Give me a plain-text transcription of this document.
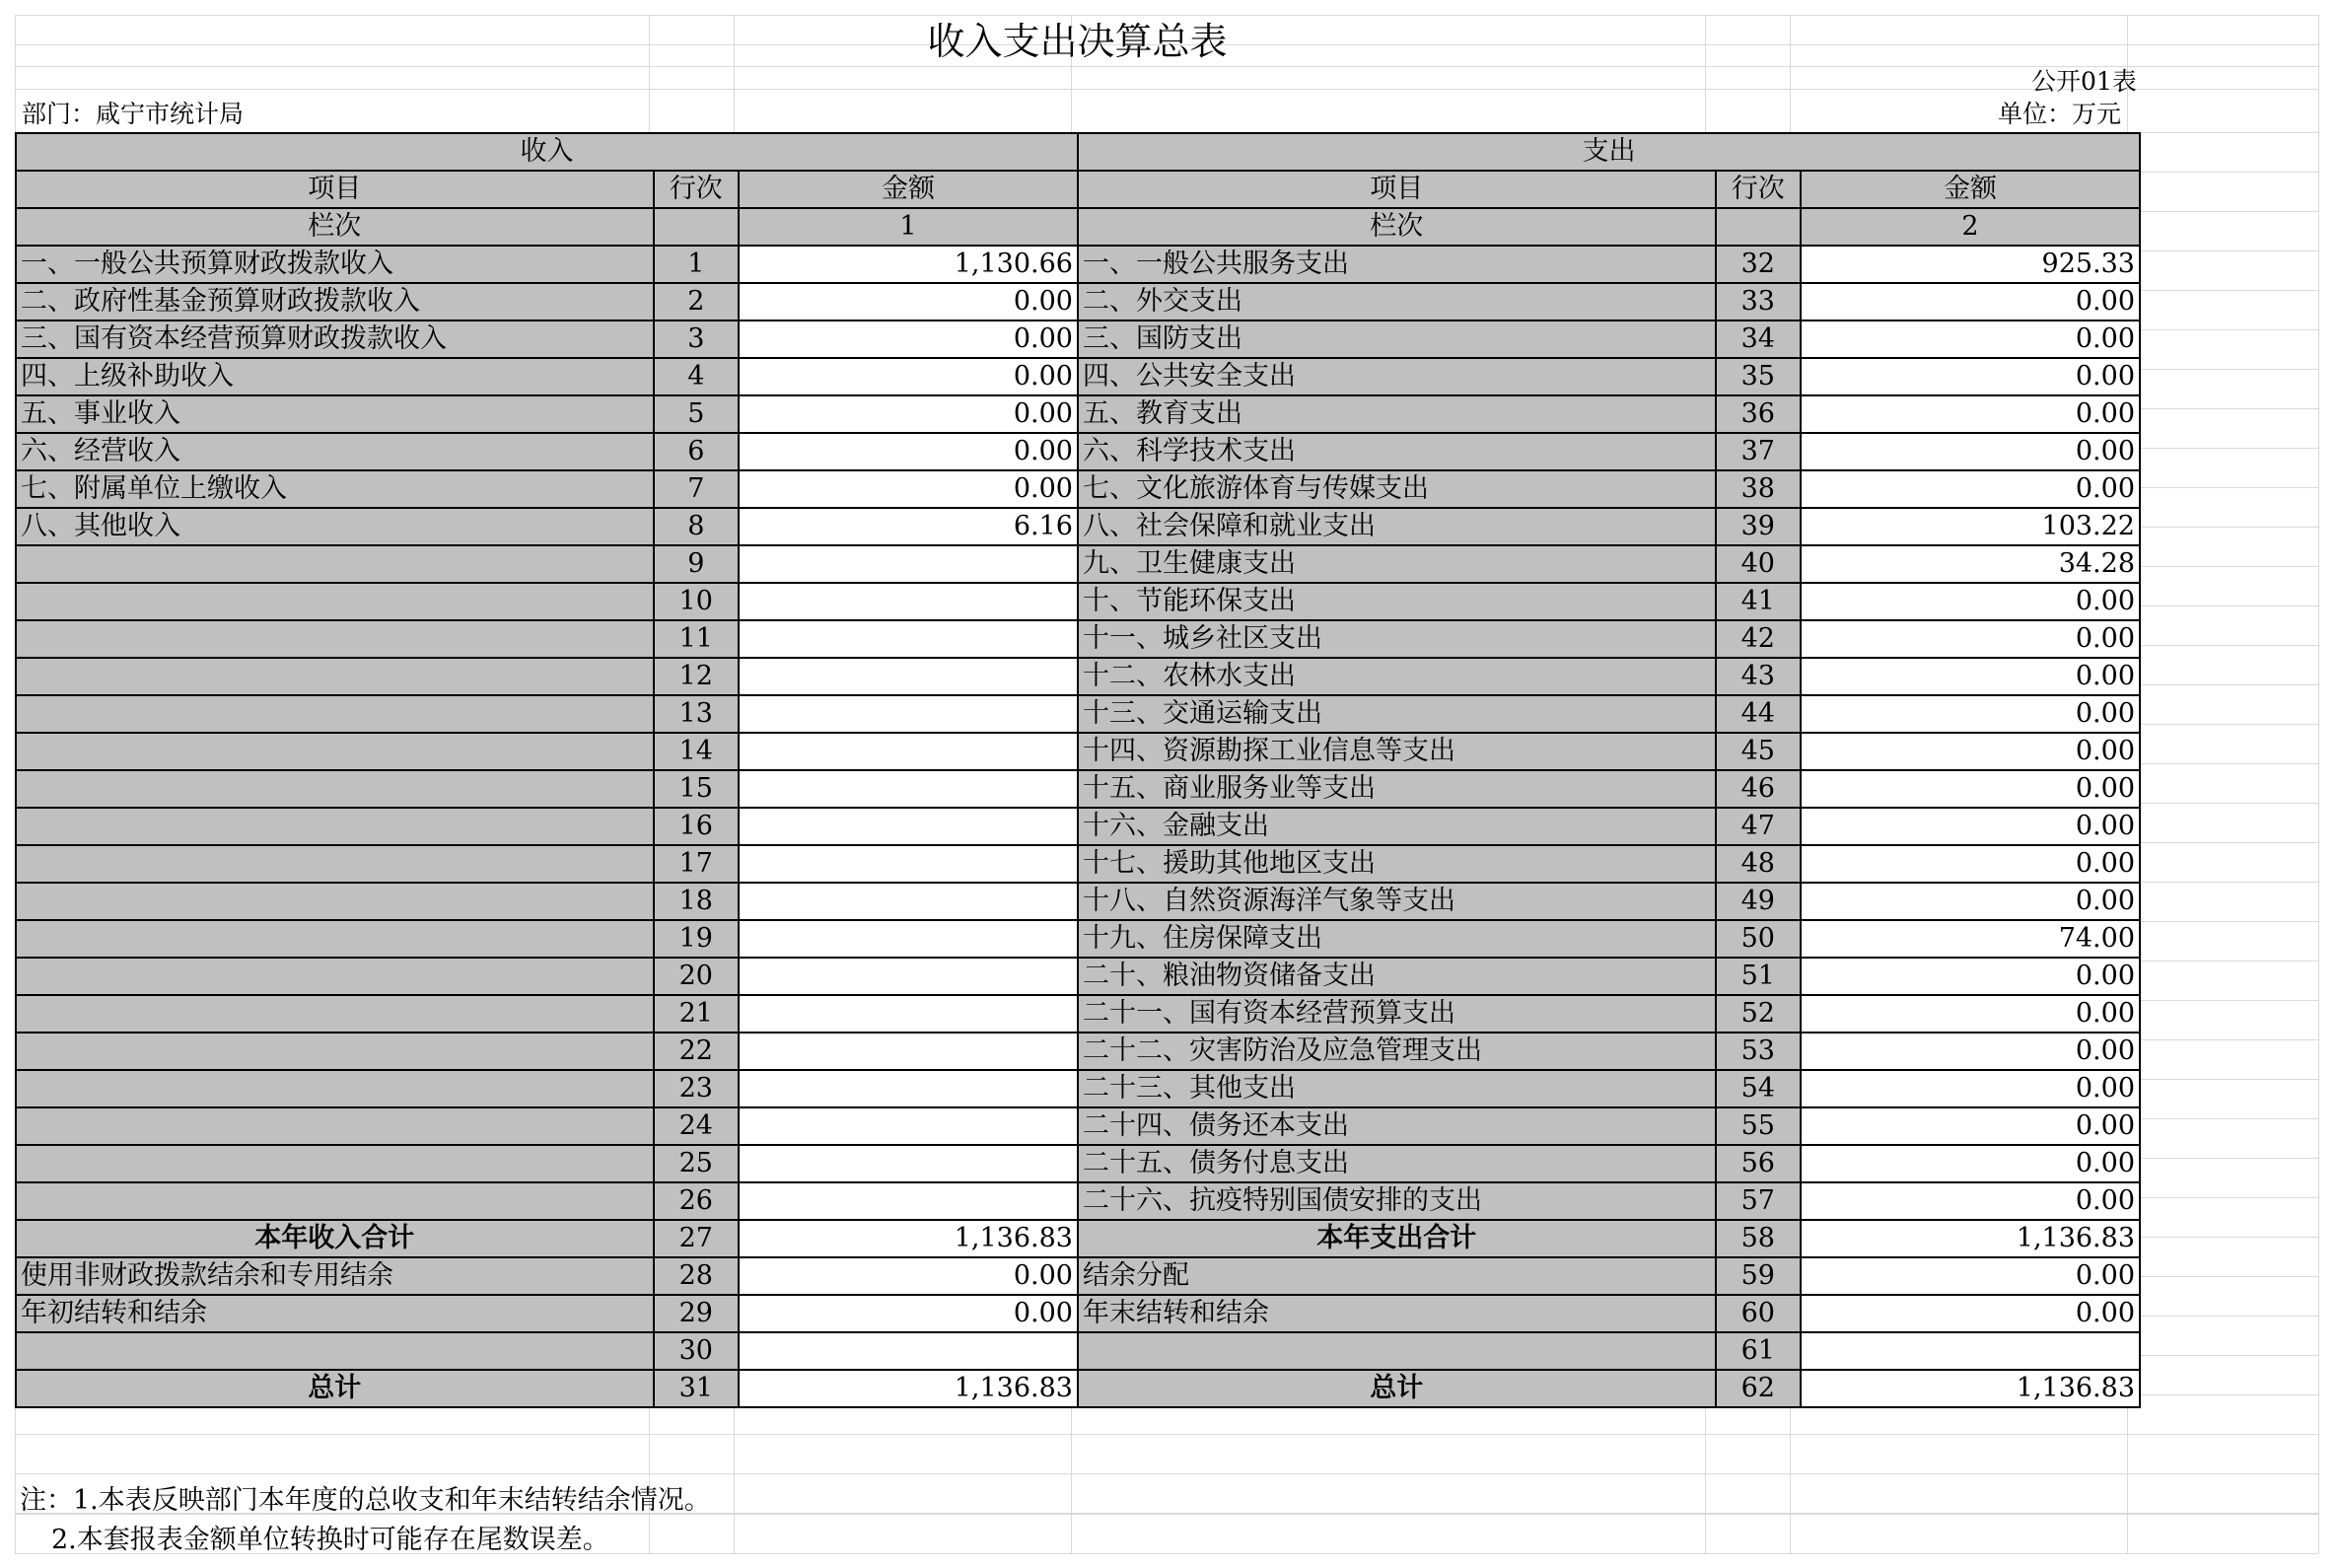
收入支出决算总表
公开01表
部门：咸宁市统计局	单位：万元
收入			支出		
项目	行次	金额	项目	行次	金额
栏次		1	栏次		2
一、一般公共预算财政拨款收入	1	1,130.66	一、一般公共服务支出	32	925.33
二、政府性基金预算财政拨款收入	2	0.00	二、外交支出	33	0.00
三、国有资本经营预算财政拨款收入	3	0.00	三、国防支出	34	0.00
四、上级补助收入	4	0.00	四、公共安全支出	35	0.00
五、事业收入	5	0.00	五、教育支出	36	0.00
六、经营收入	6	0.00	六、科学技术支出	37	0.00
七、附属单位上缴收入	7	0.00	七、文化旅游体育与传媒支出	38	0.00
八、其他收入	8	6.16	八、社会保障和就业支出	39	103.22
	9		九、卫生健康支出	40	34.28
	10		十、节能环保支出	41	0.00
	11		十一、城乡社区支出	42	0.00
	12		十二、农林水支出	43	0.00
	13		十三、交通运输支出	44	0.00
	14		十四、资源勘探工业信息等支出	45	0.00
	15		十五、商业服务业等支出	46	0.00
	16		十六、金融支出	47	0.00
	17		十七、援助其他地区支出	48	0.00
	18		十八、自然资源海洋气象等支出	49	0.00
	19		十九、住房保障支出	50	74.00
	20		二十、粮油物资储备支出	51	0.00
	21		二十一、国有资本经营预算支出	52	0.00
	22		二十二、灾害防治及应急管理支出	53	0.00
	23		二十三、其他支出	54	0.00
	24		二十四、债务还本支出	55	0.00
	25		二十五、债务付息支出	56	0.00
	26		二十六、抗疫特别国债安排的支出	57	0.00
本年收入合计	27	1,136.83	本年支出合计	58	1,136.83
使用非财政拨款结余和专用结余	28	0.00	结余分配	59	0.00
年初结转和结余	29	0.00	年末结转和结余	60	0.00
	30			61	
总计	31	1,136.83	总计	62	1,136.83
注：1.本表反映部门本年度的总收支和年末结转结余情况。
2.本套报表金额单位转换时可能存在尾数误差。
